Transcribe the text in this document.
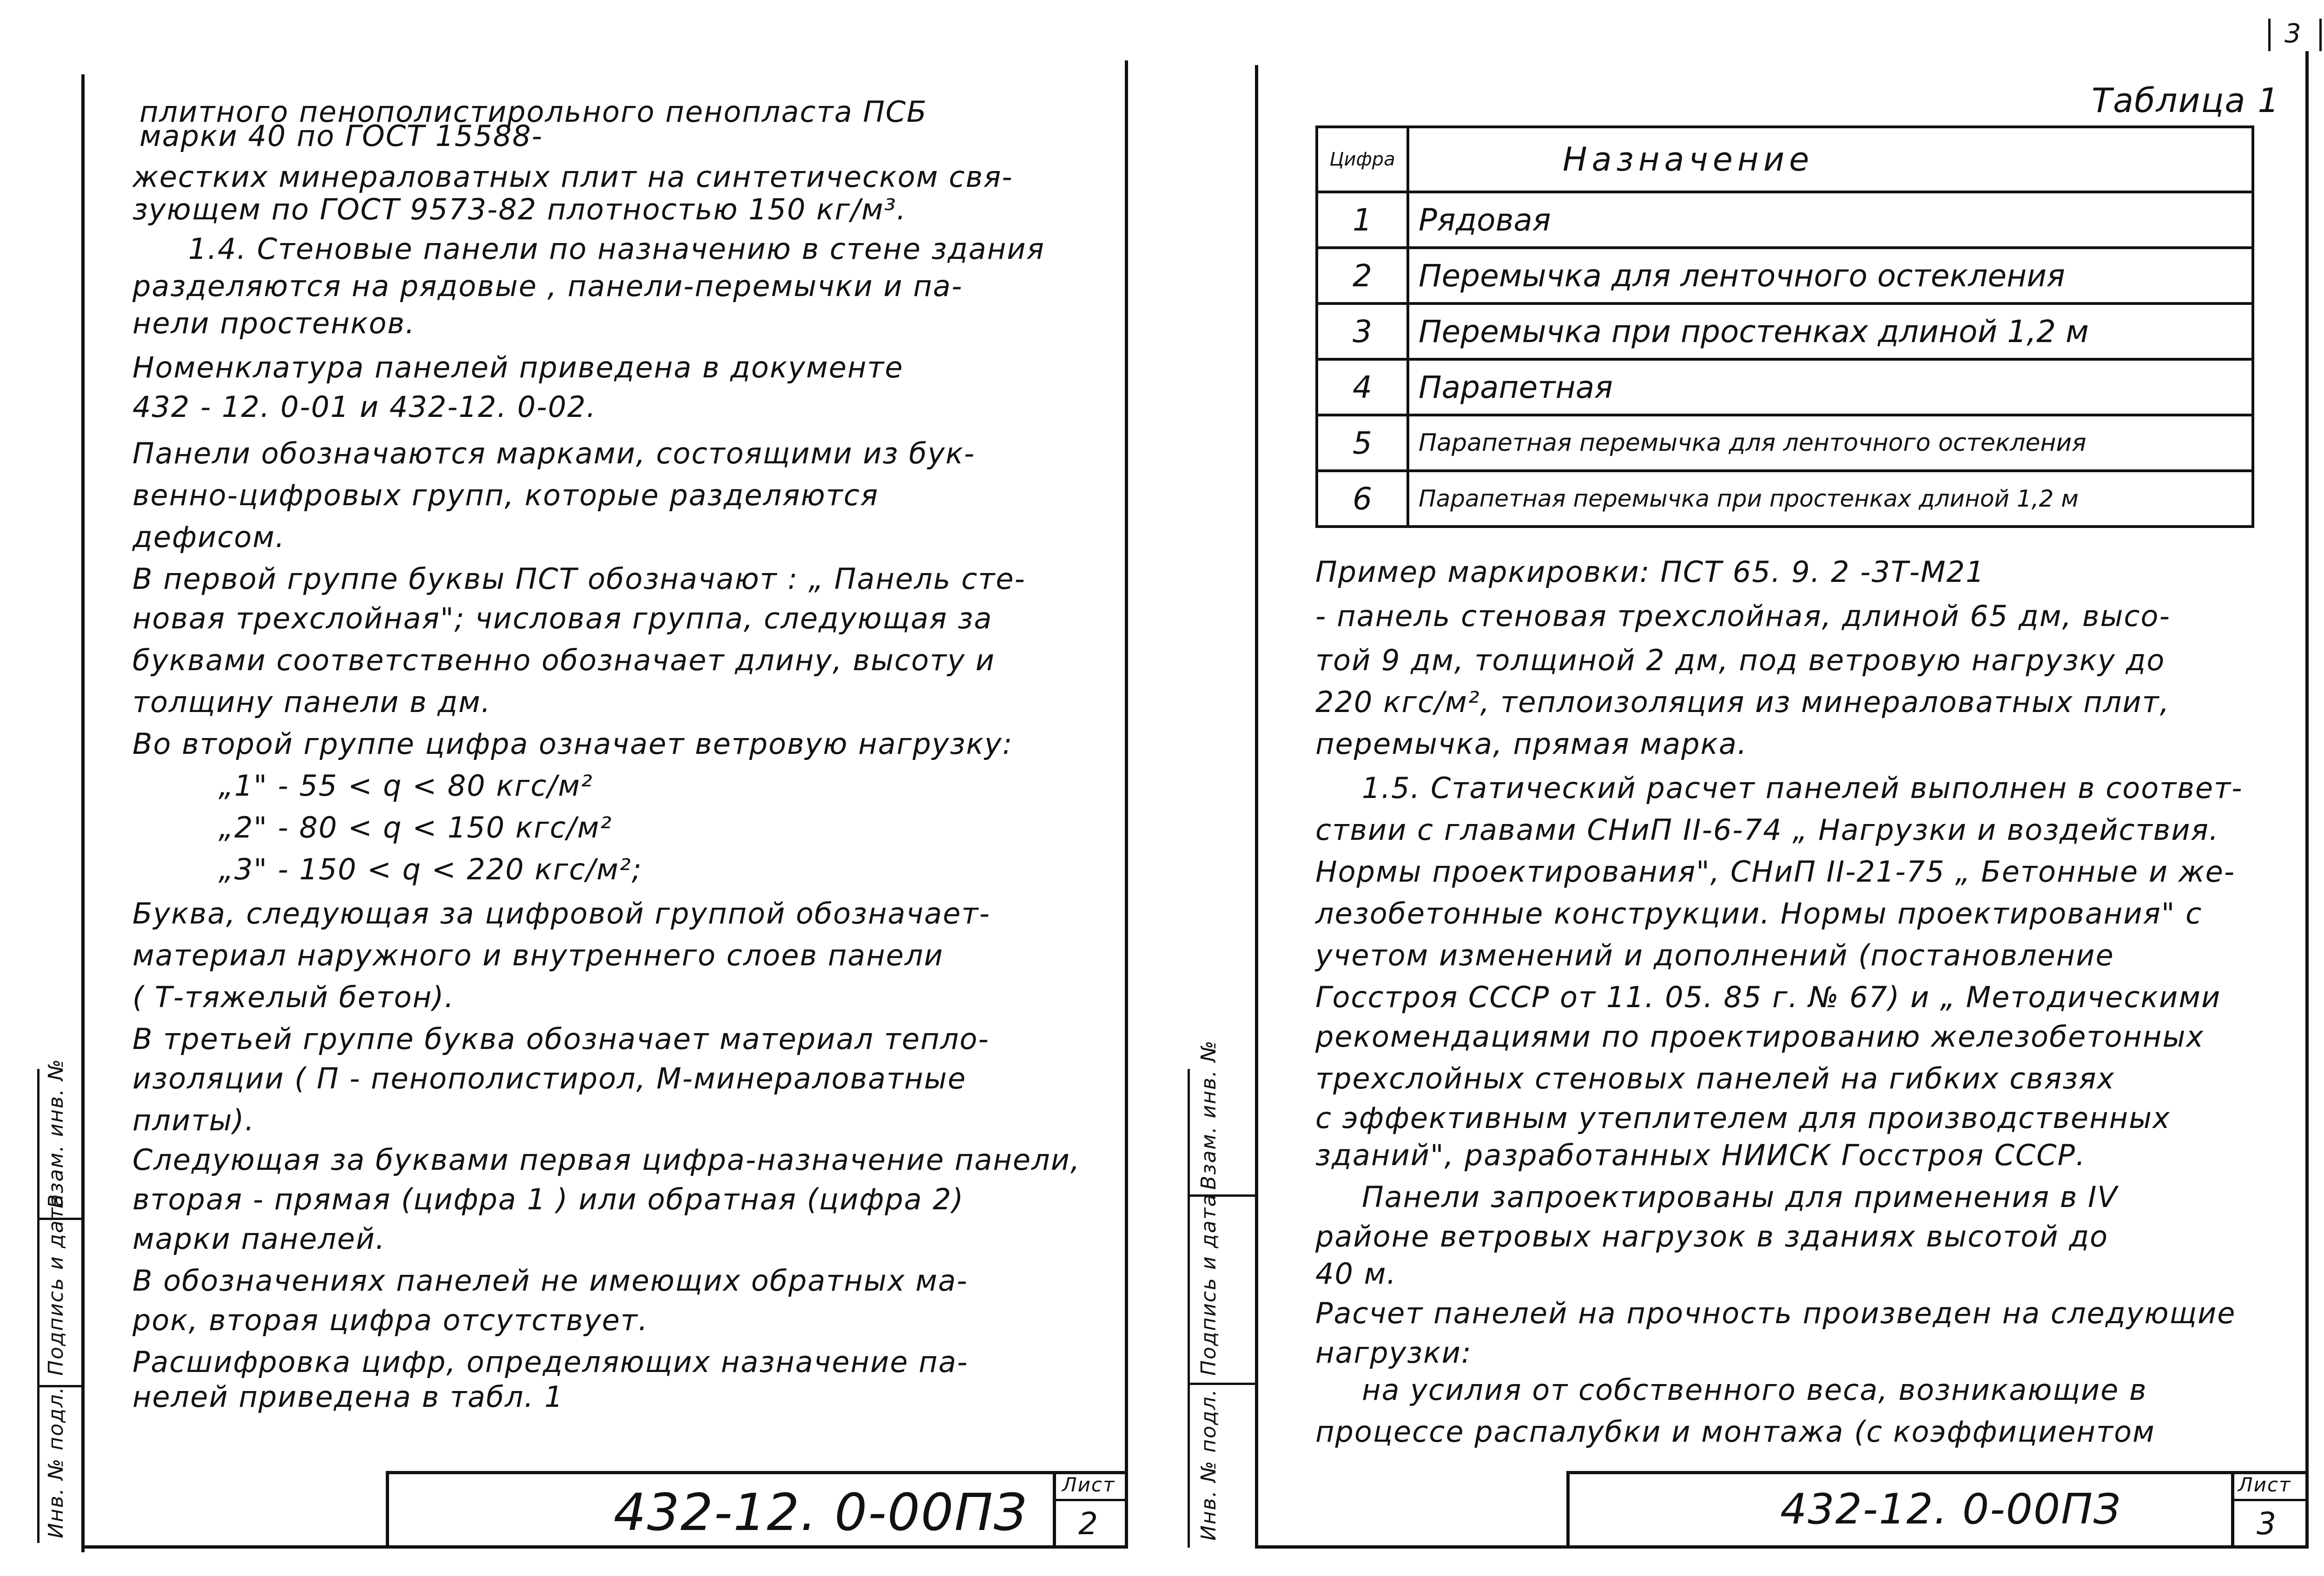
Взам. инв. №
Подпись и дата
Инв. № подл.
плитного пенополистирольного пенопласта ПСБ
марки 40 по ГОСТ 15588-
жестких минераловатных плит на синтетическом свя-
зующем по ГОСТ 9573-82 плотностью 150 кг/м³.
1.4. Стеновые панели по назначению в стене здания
разделяются на рядовые , панели-перемычки и па-
нели простенков.
Номенклатура панелей приведена в документе
432 - 12. 0-01 и 432-12. 0-02.
Панели обозначаются марками, состоящими из бук-
венно-цифровых групп, которые разделяются
дефисом.
В первой группе буквы ПСТ обозначают : „ Панель сте-
новая трехслойная"; числовая группа, следующая за
буквами соответственно обозначает длину, высоту и
толщину панели в дм.
Во второй группе цифра означает ветровую нагрузку:
„1" - 55 < q < 80 кгс/м²
„2" - 80 < q < 150 кгс/м²
„3" - 150 < q < 220 кгс/м²;
Буква, следующая за цифровой группой обозначает-
материал наружного и внутреннего слоев панели
( Т-тяжелый бетон).
В третьей группе буква обозначает материал тепло-
изоляции ( П - пенополистирол, М-минераловатные
плиты).
Следующая за буквами первая цифра-назначение панели,
вторая - прямая (цифра 1 ) или обратная (цифра 2)
марки панелей.
В обозначениях панелей не имеющих обратных ма-
рок, вторая цифра отсутствует.
Расшифровка цифр, определяющих назначение па-
нелей приведена в табл. 1
432-12. 0-00ПЗ Лист
2
3
Взам. инв. №
Подпись и дата
Инв. № подл.
Таблица 1
Цифра	Назначение
1	Рядовая
2	Перемычка для ленточного остекления
3	Перемычка при простенках длиной 1,2 м
4	Парапетная
5	Парапетная перемычка для ленточного остекления
6	Парапетная перемычка при простенках длиной 1,2 м
Пример маркировки: ПСТ 65. 9. 2 -3Т-М21
- панель стеновая трехслойная, длиной 65 дм, высо-
той 9 дм, толщиной 2 дм, под ветровую нагрузку до
220 кгс/м², теплоизоляция из минераловатных плит,
перемычка, прямая марка.
1.5. Статический расчет панелей выполнен в соответ-
ствии с главами СНиП II-6-74 „ Нагрузки и воздействия.
Нормы проектирования", СНиП II-21-75 „ Бетонные и же-
лезобетонные конструкции. Нормы проектирования" с
учетом изменений и дополнений (постановление
Госстроя СССР от 11. 05. 85 г. № 67) и „ Методическими
рекомендациями по проектированию железобетонных
трехслойных стеновых панелей на гибких связях
с эффективным утеплителем для производственных
зданий", разработанных НИИСК Госстроя СССР.
Панели запроектированы для применения в IV
районе ветровых нагрузок в зданиях высотой до
40 м.
Расчет панелей на прочность произведен на следующие
нагрузки:
на усилия от собственного веса, возникающие в
процессе распалубки и монтажа (с коэффициентом
432-12. 0-00ПЗ
Лист
3
